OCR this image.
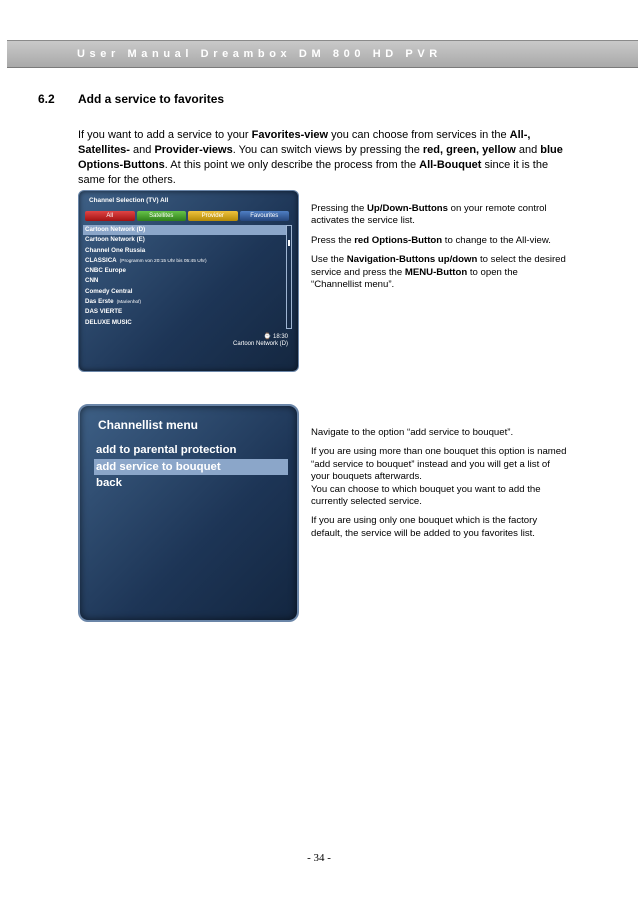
User Manual Dreambox DM 800 HD PVR
6.2 Add a service to favorites
If you want to add a service to your Favorites-view you can choose from services in the All-, Satellites- and Provider-views. You can switch views by pressing the red, green, yellow and blue Options-Buttons. At this point we only describe the process from the All-Bouquet since it is the same for the others.
Channel Selection (TV) All
All	Satellites	Provider	Favourites
Cartoon Network (D)
Cartoon Network (E)
Channel One Russia
CLASSICA (Programm von 20:15 Uhr bis 05:45 Uhr)
CNBC Europe
CNN
Comedy Central
Das Erste (Marienhof)
DAS VIERTE
DELUXE MUSIC
⌚ 18:30
Cartoon Network (D)

Pressing the Up/Down-Buttons on your remote control activates the service list.

Press the red Options-Button to change to the All-view.

Use the Navigation-Buttons up/down to select the desired service and press the MENU-Button to open the “Channellist menu”.

Channellist menu
add to parental protection
add service to bouquet
back

Navigate to the option “add service to bouquet”.

If you are using more than one bouquet this option is named “add service to bouquet” instead and you will get a list of your bouquets afterwards.

You can choose to which bouquet you want to add the currently selected service.

If you are using only one bouquet which is the factory default, the service will be added to you favorites list.

- 34 -
